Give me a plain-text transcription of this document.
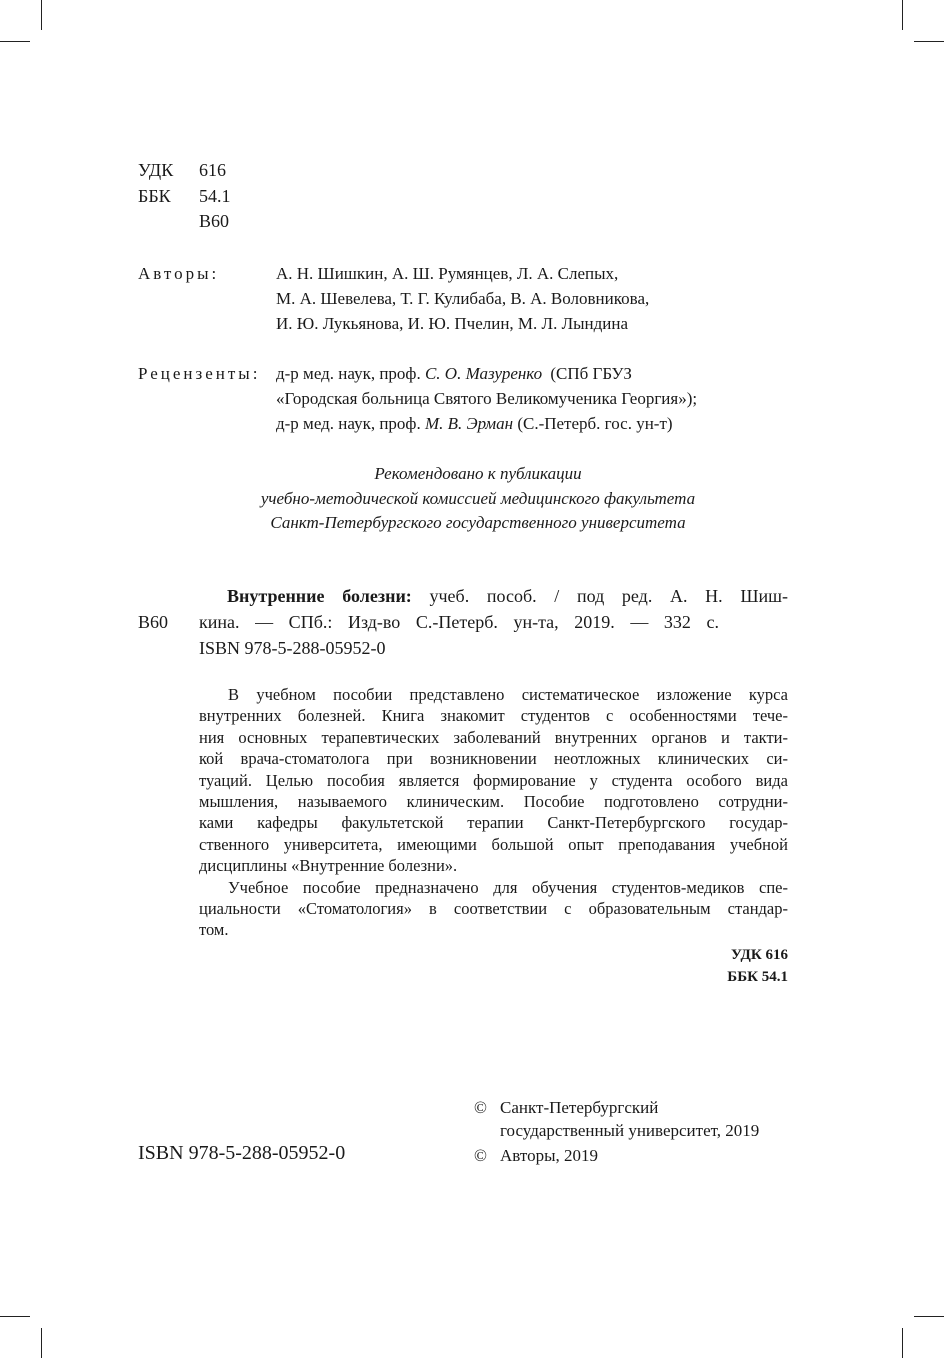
УДК 616
ББК 54.1
В60
Авторы:	А. Н. Шишкин, А. Ш. Румянцев, Л. А. Слепых,
М. А. Шевелева, Т. Г. Кулибаба, В. А. Воловникова,
И. Ю. Лукьянова, И. Ю. Пчелин, М. Л. Лындина
Рецензенты: д-р мед. наук, проф. С. О. Мазуренко (СПб ГБУЗ
«Городская больница Святого Великомученика Георгия»);
д-р мед. наук, проф. М. В. Эрман (С.-Петерб. гос. ун-т)
Рекомендовано к публикации
учебно-методической комиссией медицинского факультета
Санкт-Петербургского государственного университета
В60
Внутренние болезни: учеб. пособ. / под ред. А. Н. Шиш-
кина. — СПб.: Изд-во С.-Петерб. ун-та, 2019. — 332 с.
ISBN 978-5-288-05952-0
В учебном пособии представлено систематическое изложение курса
внутренних болезней. Книга знакомит студентов с особенностями тече-
ния основных терапевтических заболеваний внутренних органов и такти-
кой врача-стоматолога при возникновении неотложных клинических си-
туаций. Целью пособия является формирование у студента особого вида
мышления, называемого клиническим. Пособие подготовлено сотрудни-
ками кафедры факультетской терапии Санкт-Петербургского государ-
ственного университета, имеющими большой опыт преподавания учебной
дисциплины «Внутренние болезни».
Учебное пособие предназначено для обучения студентов-медиков спе-
циальности «Стоматология» в соответствии с образовательным стандар-
том.
УДК 616
ББК 54.1
ISBN 978-5-288-05952-0
© Санкт-Петербургский
государственный университет, 2019
© Авторы, 2019
